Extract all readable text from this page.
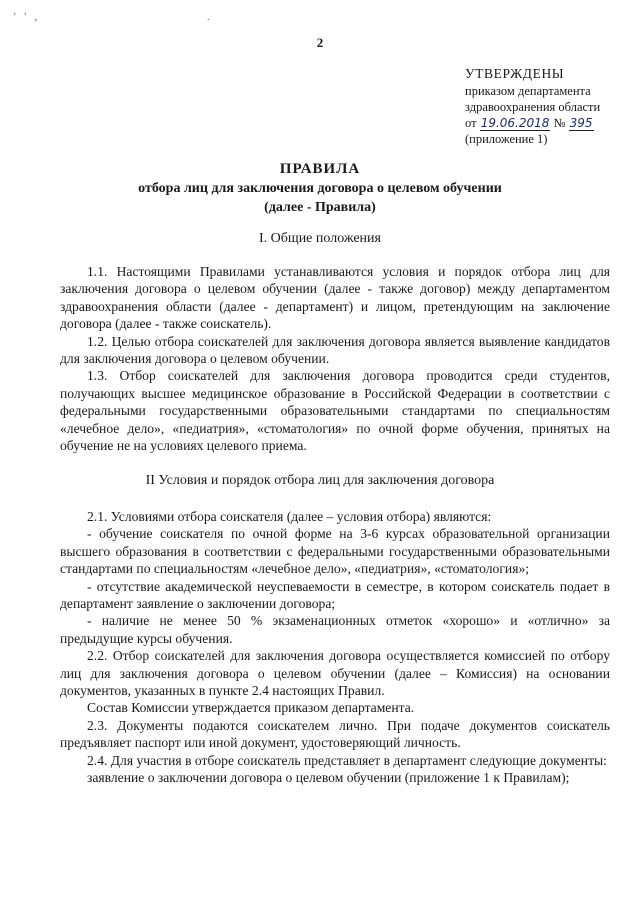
' ' ,	.
2
УТВЕРЖДЕНЫ
приказом департамента
здравоохранения области
от 19.06.2018 № 395
(приложение 1)
ПРАВИЛА
отбора лиц для заключения договора о целевом обучении
(далее - Правила)
I. Общие положения

1.1. Настоящими Правилами устанавливаются условия и порядок отбора лиц для заключения договора о целевом обучении (далее - также договор) между департаментом здравоохранения области (далее - департамент) и лицом, претендующим на заключение договора (далее - также соискатель).

1.2. Целью отбора соискателей для заключения договора является выявление кандидатов для заключения договора о целевом обучении.

1.3. Отбор соискателей для заключения договора проводится среди студентов, получающих высшее медицинское образование в Российской Федерации в соответствии с федеральными государственными образовательными стандартами по специальностям «лечебное дело», «педиатрия», «стоматология» по очной форме обучения, принятых на обучение не на условиях целевого приема.

II Условия и порядок отбора лиц для заключения договора

2.1. Условиями отбора соискателя (далее – условия отбора) являются:

- обучение соискателя по очной форме на 3-6 курсах образовательной организации высшего образования в соответствии с федеральными государственными образовательными стандартами по специальностям «лечебное дело», «педиатрия», «стоматология»;

- отсутствие академической неуспеваемости в семестре, в котором соискатель подает в департамент заявление о заключении договора;

- наличие не менее 50 % экзаменационных отметок «хорошо» и «отлично» за предыдущие курсы обучения.

2.2. Отбор соискателей для заключения договора осуществляется комиссией по отбору лиц для заключения договора о целевом обучении (далее – Комиссия) на основании документов, указанных в пункте 2.4 настоящих Правил.

Состав Комиссии утверждается приказом департамента.

2.3. Документы подаются соискателем лично. При подаче документов соискатель предъявляет паспорт или иной документ, удостоверяющий личность.

2.4. Для участия в отборе соискатель представляет в департамент следующие документы:

заявление о заключении договора о целевом обучении (приложение 1 к Правилам);
